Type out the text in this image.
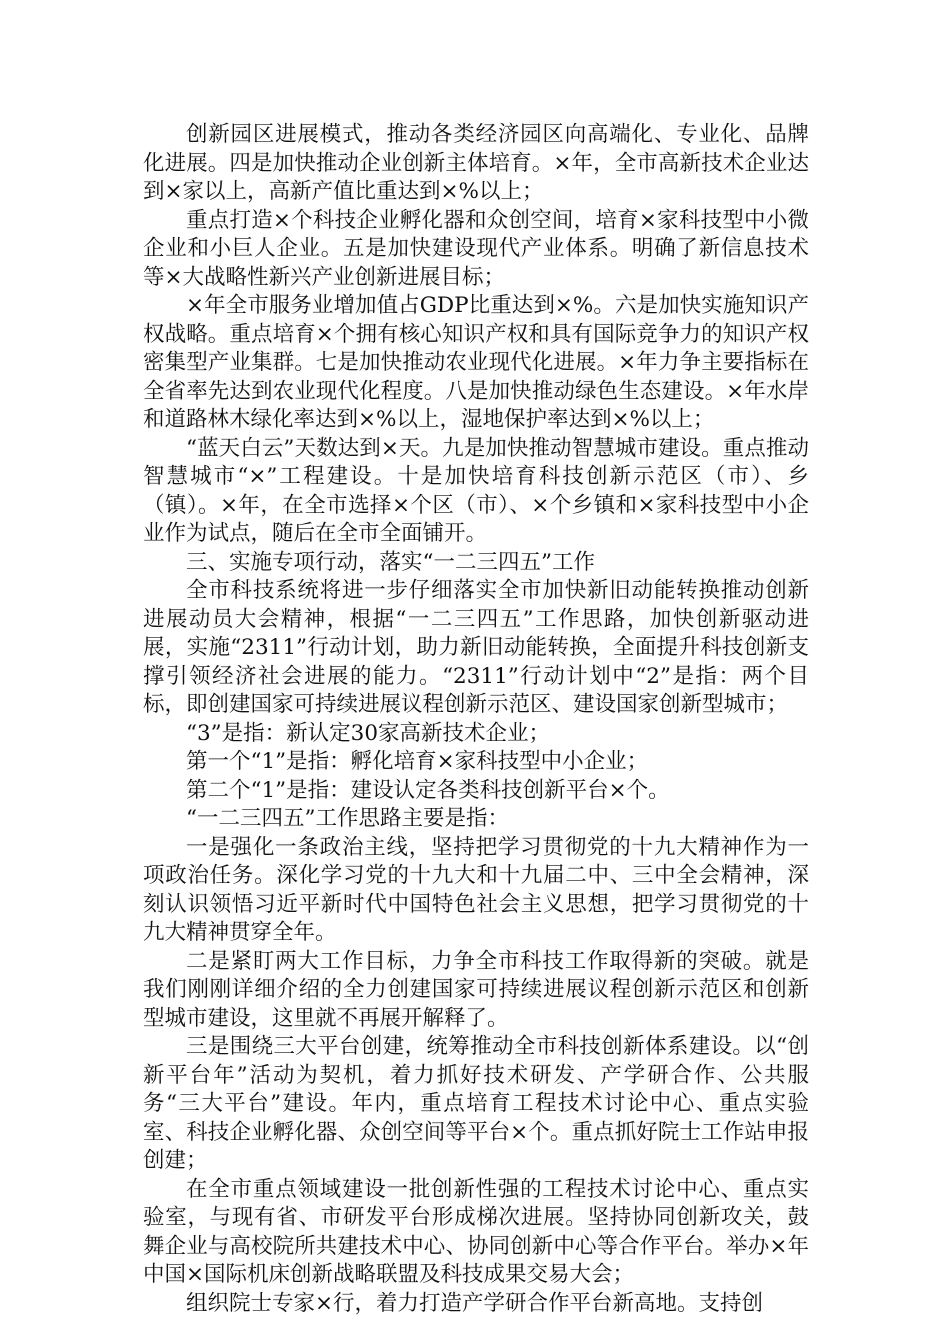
创新园区进展模式，推动各类经济园区向高端化、专业化、品牌化进展。四是加快推动企业创新主体培育。×年，全市高新技术企业达到×家以上，高新产值比重达到×%以上；

重点打造×个科技企业孵化器和众创空间，培育×家科技型中小微企业和小巨人企业。五是加快建设现代产业体系。明确了新信息技术等×大战略性新兴产业创新进展目标；

×年全市服务业增加值占GDP比重达到×%。六是加快实施知识产权战略。重点培育×个拥有核心知识产权和具有国际竞争力的知识产权密集型产业集群。七是加快推动农业现代化进展。×年力争主要指标在全省率先达到农业现代化程度。八是加快推动绿色生态建设。×年水岸和道路林木绿化率达到×%以上，湿地保护率达到×%以上；

“蓝天白云”天数达到×天。九是加快推动智慧城市建设。重点推动智慧城市“×”工程建设。十是加快培育科技创新示范区（市）、乡（镇）。×年，在全市选择×个区（市）、×个乡镇和×家科技型中小企业作为试点，随后在全市全面铺开。

三、实施专项行动，落实“一二三四五”工作

全市科技系统将进一步仔细落实全市加快新旧动能转换推动创新进展动员大会精神，根据“一二三四五”工作思路，加快创新驱动进展，实施“2311”行动计划，助力新旧动能转换，全面提升科技创新支撑引领经济社会进展的能力。“2311”行动计划中“2”是指：两个目标，即创建国家可持续进展议程创新示范区、建设国家创新型城市；

“3”是指：新认定30家高新技术企业；

第一个“1”是指：孵化培育×家科技型中小企业；

第二个“1”是指：建设认定各类科技创新平台×个。

“一二三四五”工作思路主要是指：

一是强化一条政治主线，坚持把学习贯彻党的十九大精神作为一项政治任务。深化学习党的十九大和十九届二中、三中全会精神，深刻认识领悟习近平新时代中国特色社会主义思想，把学习贯彻党的十九大精神贯穿全年。

二是紧盯两大工作目标，力争全市科技工作取得新的突破。就是我们刚刚详细介绍的全力创建国家可持续进展议程创新示范区和创新型城市建设，这里就不再展开解释了。

三是围绕三大平台创建，统筹推动全市科技创新体系建设。以“创新平台年”活动为契机，着力抓好技术研发、产学研合作、公共服务“三大平台”建设。年内，重点培育工程技术讨论中心、重点实验室、科技企业孵化器、众创空间等平台×个。重点抓好院士工作站申报创建；

在全市重点领域建设一批创新性强的工程技术讨论中心、重点实验室，与现有省、市研发平台形成梯次进展。坚持协同创新攻关，鼓舞企业与高校院所共建技术中心、协同创新中心等合作平台。举办×年中国×国际机床创新战略联盟及科技成果交易大会；

组织院士专家×行，着力打造产学研合作平台新高地。支持创
